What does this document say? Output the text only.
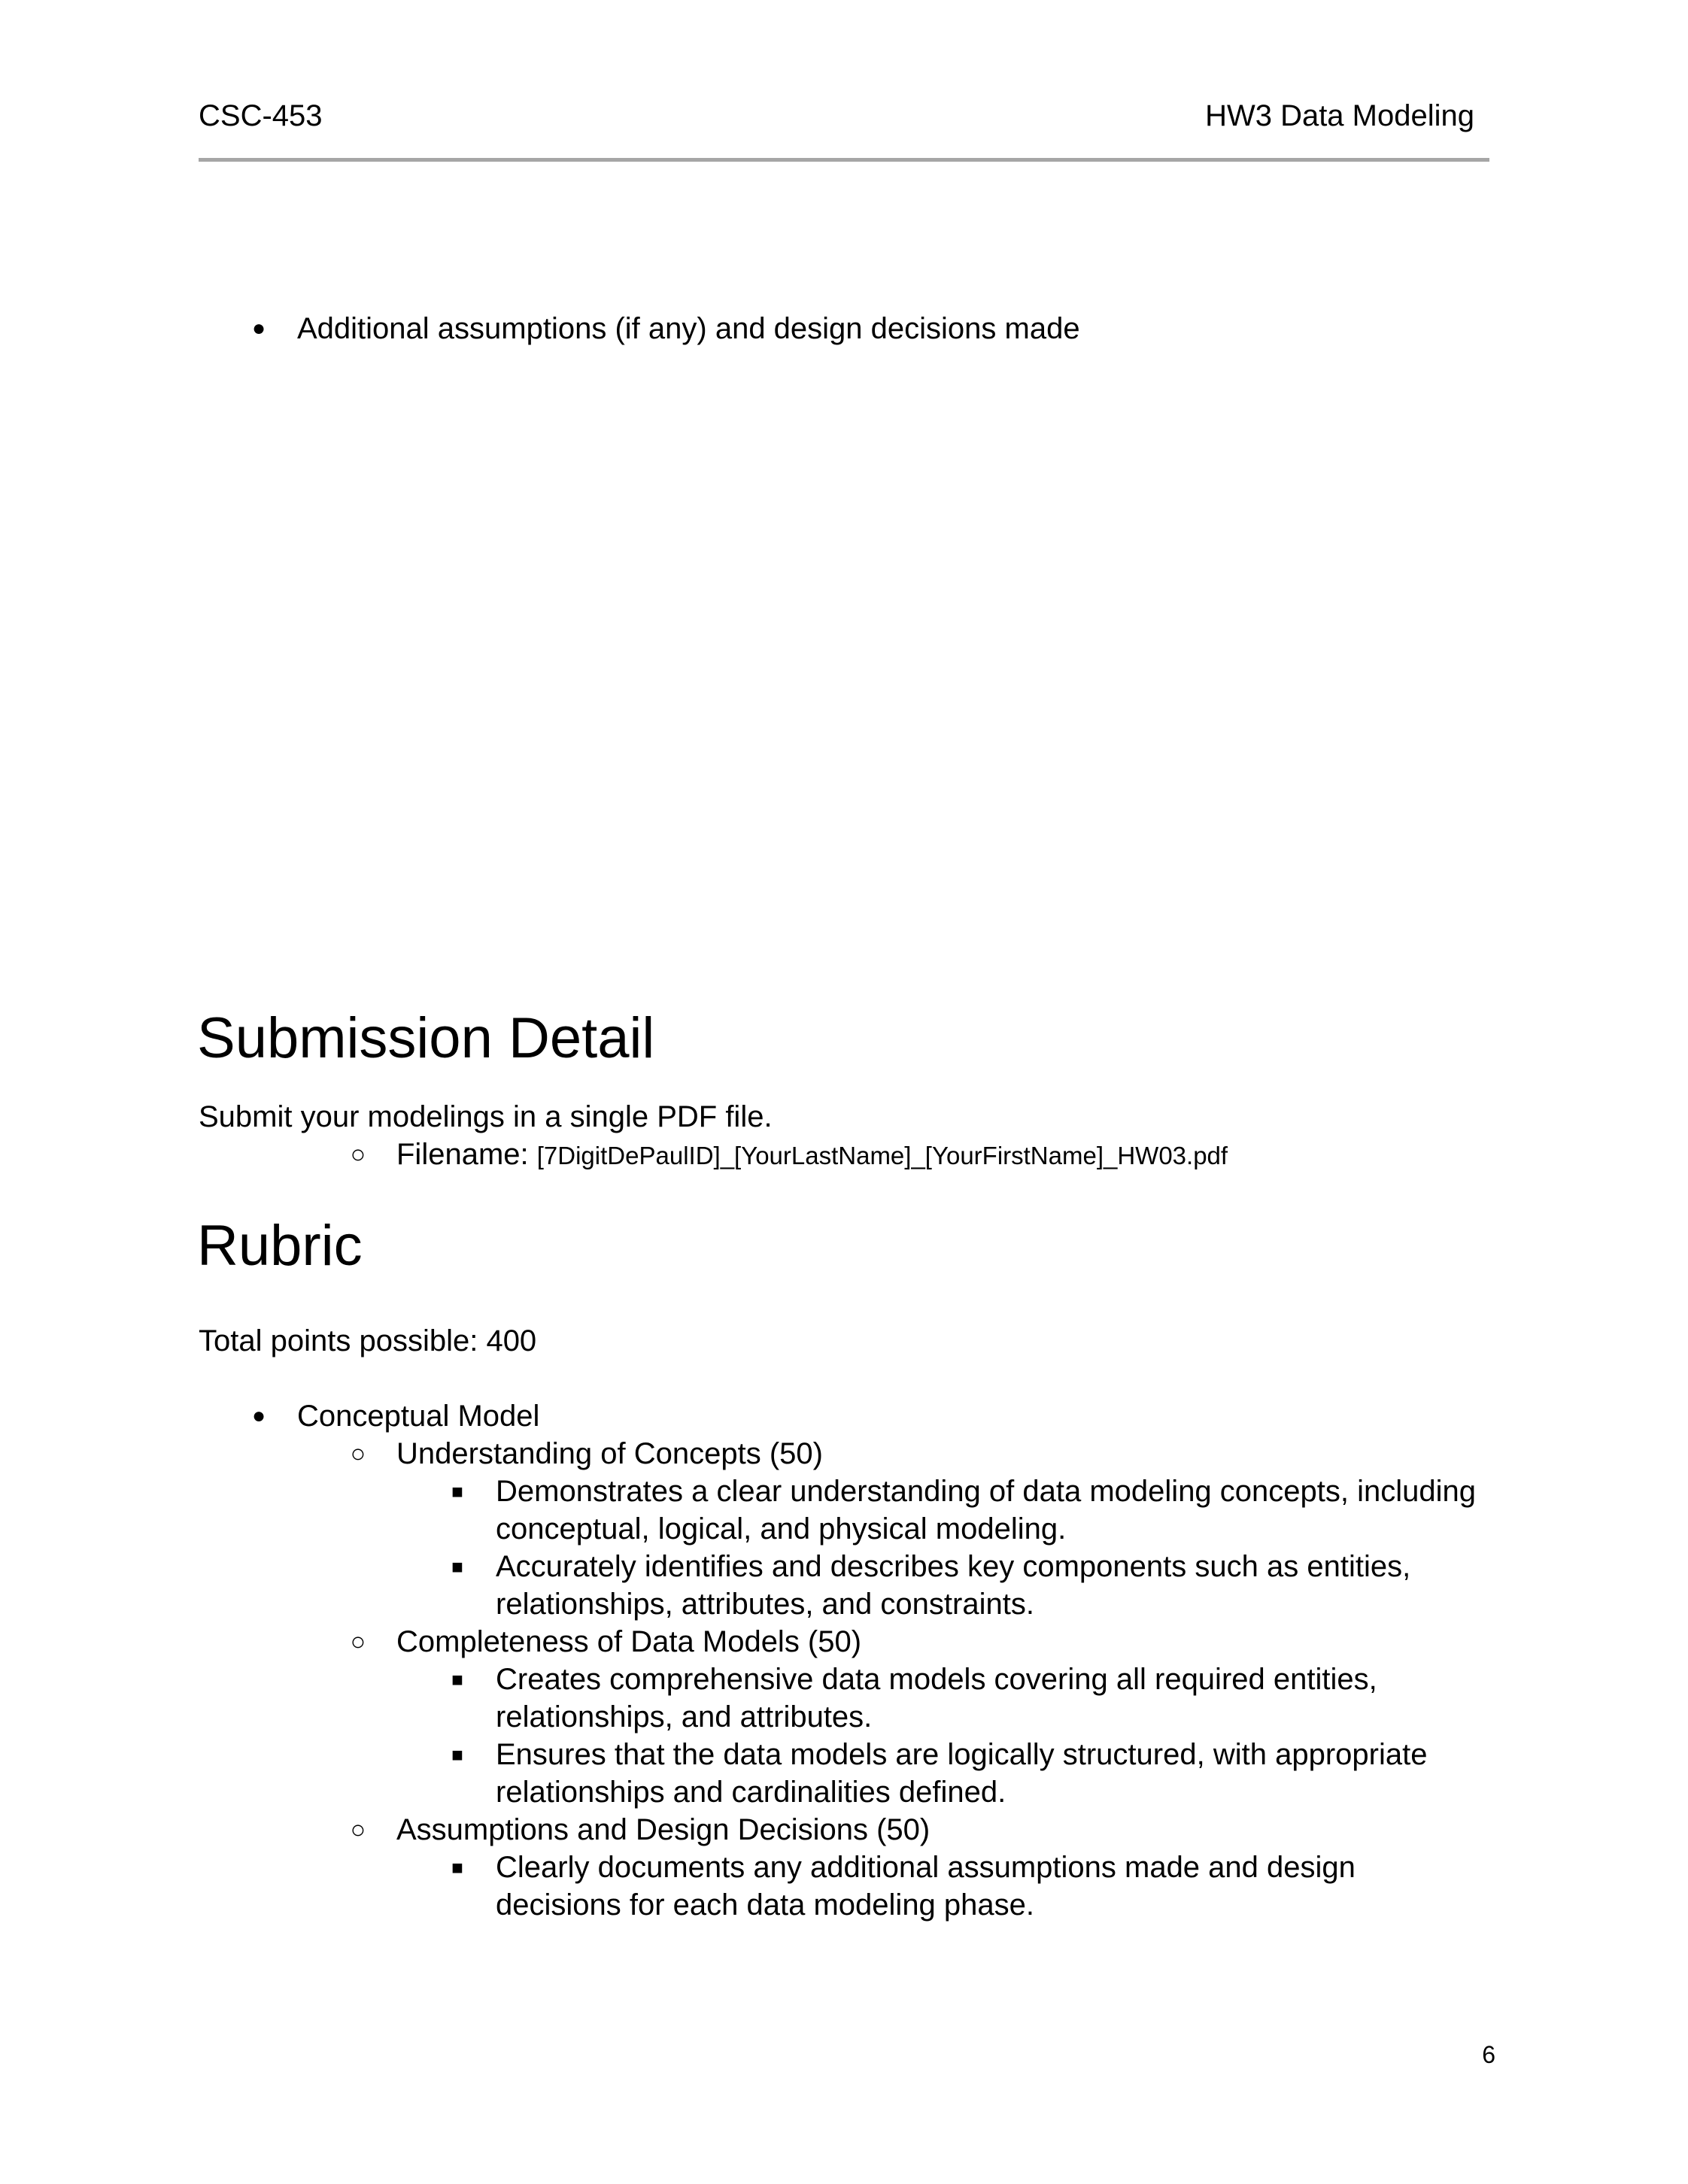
CSC-453	HW3 Data Modeling
● Additional assumptions (if any) and design decisions made
Submission Detail
Submit your modelings in a single PDF file.
○ Filename: [7DigitDePaulID]_[YourLastName]_[YourFirstName]_HW03.pdf
Rubric
Total points possible: 400
● Conceptual Model
○ Understanding of Concepts (50)
■	Demonstrates a clear understanding of data modeling concepts, including
conceptual, logical, and physical modeling.
■	Accurately identifies and describes key components such as entities,
relationships, attributes, and constraints.
○ Completeness of Data Models (50)
■	Creates comprehensive data models covering all required entities,
relationships, and attributes.
■	Ensures that the data models are logically structured, with appropriate
relationships and cardinalities defined.
○ Assumptions and Design Decisions (50)
■	Clearly documents any additional assumptions made and design
decisions for each data modeling phase.
6
